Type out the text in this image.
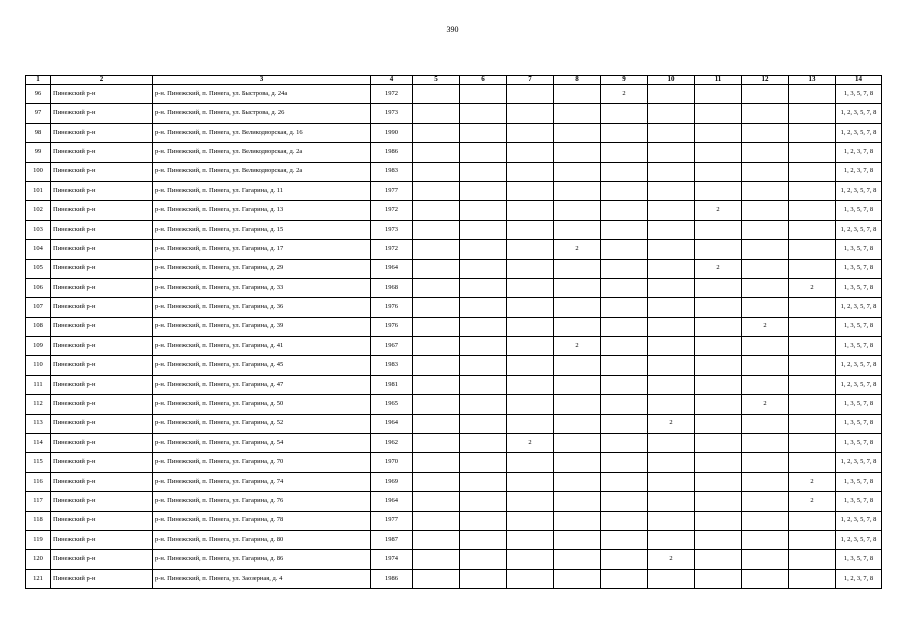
390
1	2	3	4	5	6	7	8	9	10	11	12	13	14
96	Пинежский р-н	р-н. Пинежский, п. Пинега, ул. Быстрова, д. 24а	1972					2					1, 3, 5, 7, 8
97	Пинежский р-н	р-н. Пинежский, п. Пинега, ул. Быстрова, д. 26	1973										1, 2, 3, 5, 7, 8
98	Пинежский р-н	р-н. Пинежский, п. Пинега, ул. Великодворская, д. 16	1990										1, 2, 3, 5, 7, 8
99	Пинежский р-н	р-н. Пинежский, п. Пинега, ул. Великодворская, д. 2а	1986										1, 2, 3, 7, 8
100	Пинежский р-н	р-н. Пинежский, п. Пинега, ул. Великодворская, д. 2а	1983										1, 2, 3, 7, 8
101	Пинежский р-н	р-н. Пинежский, п. Пинега, ул. Гагарина, д. 11	1977										1, 2, 3, 5, 7, 8
102	Пинежский р-н	р-н. Пинежский, п. Пинега, ул. Гагарина, д. 13	1972							2			1, 3, 5, 7, 8
103	Пинежский р-н	р-н. Пинежский, п. Пинега, ул. Гагарина, д. 15	1973										1, 2, 3, 5, 7, 8
104	Пинежский р-н	р-н. Пинежский, п. Пинега, ул. Гагарина, д. 17	1972				2						1, 3, 5, 7, 8
105	Пинежский р-н	р-н. Пинежский, п. Пинега, ул. Гагарина, д. 29	1964							2			1, 3, 5, 7, 8
106	Пинежский р-н	р-н. Пинежский, п. Пинега, ул. Гагарина, д. 33	1968									2	1, 3, 5, 7, 8
107	Пинежский р-н	р-н. Пинежский, п. Пинега, ул. Гагарина, д. 36	1976										1, 2, 3, 5, 7, 8
108	Пинежский р-н	р-н. Пинежский, п. Пинега, ул. Гагарина, д. 39	1976								2		1, 3, 5, 7, 8
109	Пинежский р-н	р-н. Пинежский, п. Пинега, ул. Гагарина, д. 41	1967				2						1, 3, 5, 7, 8
110	Пинежский р-н	р-н. Пинежский, п. Пинега, ул. Гагарина, д. 45	1983										1, 2, 3, 5, 7, 8
111	Пинежский р-н	р-н. Пинежский, п. Пинега, ул. Гагарина, д. 47	1981										1, 2, 3, 5, 7, 8
112	Пинежский р-н	р-н. Пинежский, п. Пинега, ул. Гагарина, д. 50	1965								2		1, 3, 5, 7, 8
113	Пинежский р-н	р-н. Пинежский, п. Пинега, ул. Гагарина, д. 52	1964						2				1, 3, 5, 7, 8
114	Пинежский р-н	р-н. Пинежский, п. Пинега, ул. Гагарина, д. 54	1962			2							1, 3, 5, 7, 8
115	Пинежский р-н	р-н. Пинежский, п. Пинега, ул. Гагарина, д. 70	1970										1, 2, 3, 5, 7, 8
116	Пинежский р-н	р-н. Пинежский, п. Пинега, ул. Гагарина, д. 74	1969									2	1, 3, 5, 7, 8
117	Пинежский р-н	р-н. Пинежский, п. Пинега, ул. Гагарина, д. 76	1964									2	1, 3, 5, 7, 8
118	Пинежский р-н	р-н. Пинежский, п. Пинега, ул. Гагарина, д. 78	1977										1, 2, 3, 5, 7, 8
119	Пинежский р-н	р-н. Пинежский, п. Пинега, ул. Гагарина, д. 80	1987										1, 2, 3, 5, 7, 8
120	Пинежский р-н	р-н. Пинежский, п. Пинега, ул. Гагарина, д. 86	1974						2				1, 3, 5, 7, 8
121	Пинежский р-н	р-н. Пинежский, п. Пинега, ул. Заозерная, д. 4	1986										1, 2, 3, 7, 8
